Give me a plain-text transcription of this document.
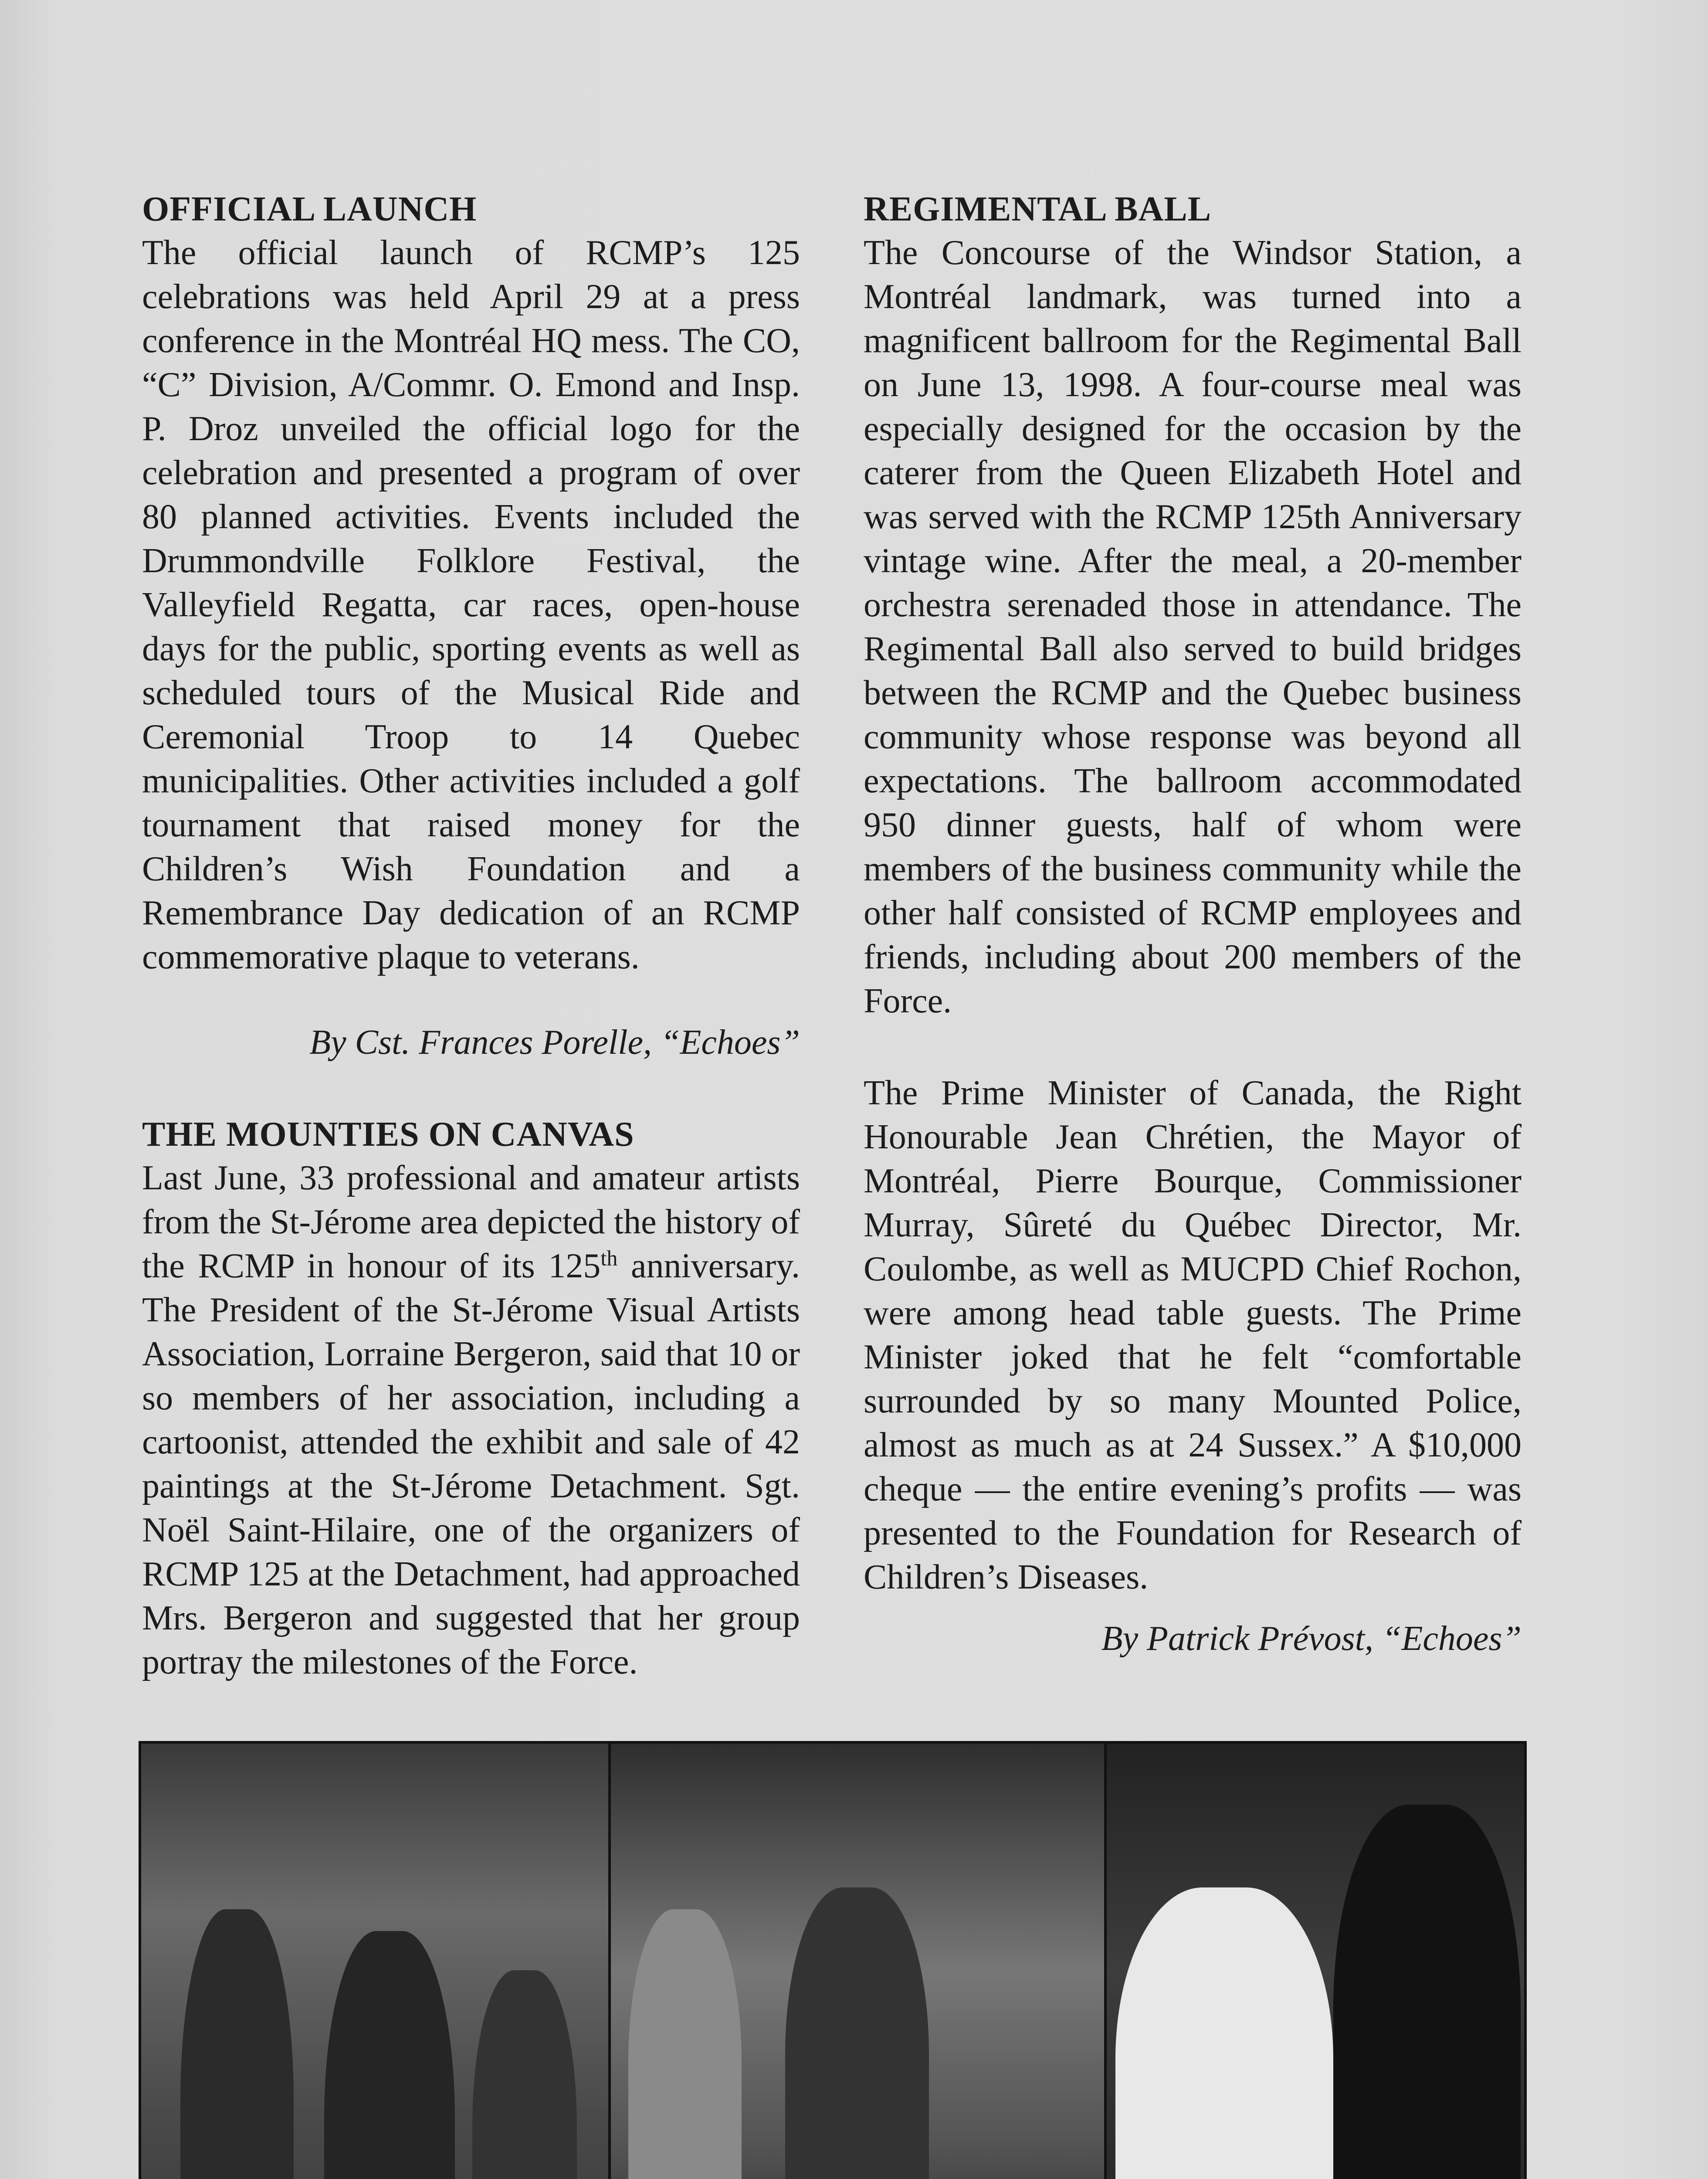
OFFICIAL LAUNCH

The official launch of RCMP’s 125 celebrations was held April 29 at a press conference in the Montréal HQ mess. The CO, “C” Division, A/Commr. O. Emond and Insp. P. Droz unveiled the official logo for the celebration and presented a program of over 80 planned activities. Events included the Drummondville Folklore Festival, the Valleyfield Regatta, car races, open-house days for the public, sporting events as well as scheduled tours of the Musical Ride and Ceremonial Troop to 14 Quebec municipalities. Other activities included a golf tournament that raised money for the Children’s Wish Foundation and a Remembrance Day dedication of an RCMP commemorative plaque to veterans.

By Cst. Frances Porelle, “Echoes”

THE MOUNTIES ON CANVAS

Last June, 33 professional and amateur artists from the St-Jérome area depicted the history of the RCMP in honour of its 125th anniversary. The President of the St-Jérome Visual Artists Association, Lorraine Bergeron, said that 10 or so members of her association, including a cartoonist, attended the exhibit and sale of 42 paintings at the St-Jérome Detachment. Sgt. Noël Saint-Hilaire, one of the organizers of RCMP 125 at the Detachment, had approached Mrs. Bergeron and suggested that her group portray the milestones of the Force.

REGIMENTAL BALL

The Concourse of the Windsor Station, a Montréal landmark, was turned into a magnificent ballroom for the Regimental Ball on June 13, 1998. A four-course meal was especially designed for the occasion by the caterer from the Queen Elizabeth Hotel and was served with the RCMP 125th Anniversary vintage wine. After the meal, a 20-member orchestra serenaded those in attendance. The Regimental Ball also served to build bridges between the RCMP and the Quebec business community whose response was beyond all expectations. The ballroom accommodated 950 dinner guests, half of whom were members of the business community while the other half consisted of RCMP employees and friends, including about 200 members of the Force.

The Prime Minister of Canada, the Right Honourable Jean Chrétien, the Mayor of Montréal, Pierre Bourque, Commissioner Murray, Sûreté du Québec Director, Mr. Coulombe, as well as MUCPD Chief Rochon, were among head table guests. The Prime Minister joked that he felt “comfortable surrounded by so many Mounted Police, almost as much as at 24 Sussex.” A $10,000 cheque — the entire evening’s profits — was presented to the Foundation for Research of Children’s Diseases.

By Patrick Prévost, “Echoes”
